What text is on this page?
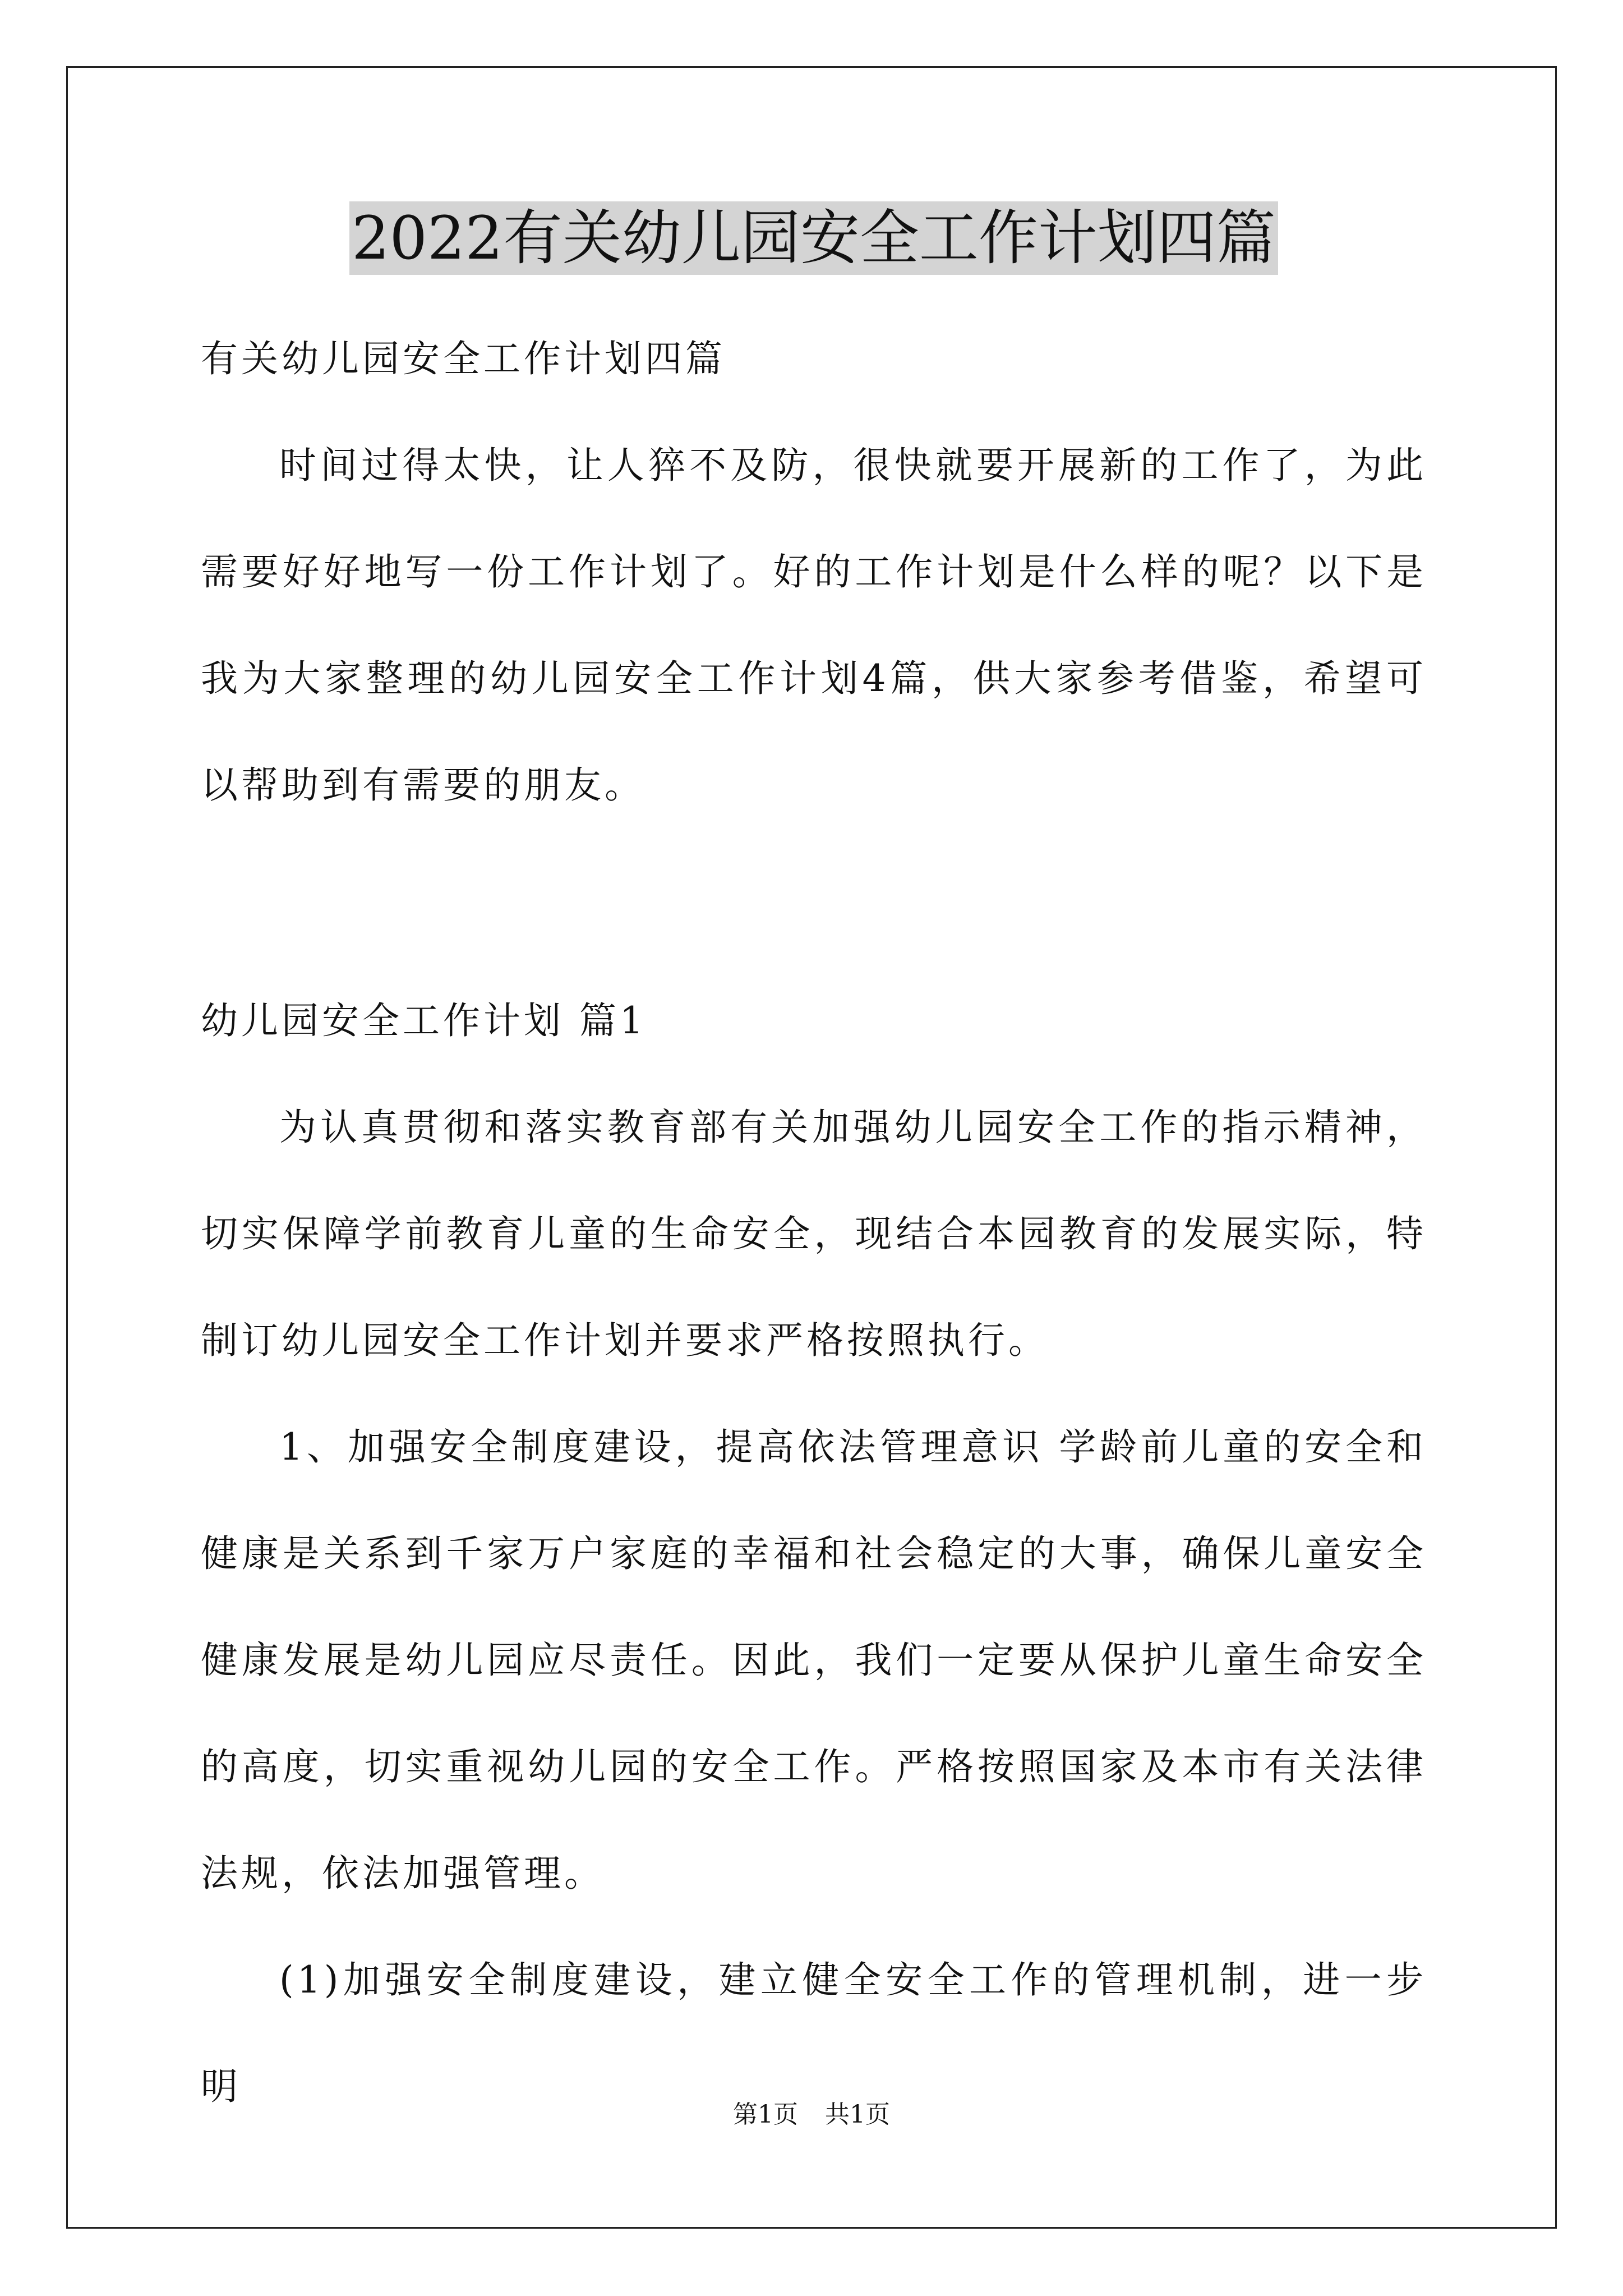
2022有关幼儿园安全工作计划四篇

有关幼儿园安全工作计划四篇

时间过得太快，让人猝不及防，很快就要开展新的工作了，为此需要好好地写一份工作计划了。好的工作计划是什么样的呢？以下是我为大家整理的幼儿园安全工作计划4篇，供大家参考借鉴，希望可以帮助到有需要的朋友。

幼儿园安全工作计划 篇1

为认真贯彻和落实教育部有关加强幼儿园安全工作的指示精神，切实保障学前教育儿童的生命安全，现结合本园教育的发展实际，特制订幼儿园安全工作计划并要求严格按照执行。

1、加强安全制度建设，提高依法管理意识 学龄前儿童的安全和健康是关系到千家万户家庭的幸福和社会稳定的大事，确保儿童安全健康发展是幼儿园应尽责任。因此，我们一定要从保护儿童生命安全的高度，切实重视幼儿园的安全工作。严格按照国家及本市有关法律法规，依法加强管理。

(1)加强安全制度建设，建立健全安全工作的管理机制，进一步明

第1页 共1页
